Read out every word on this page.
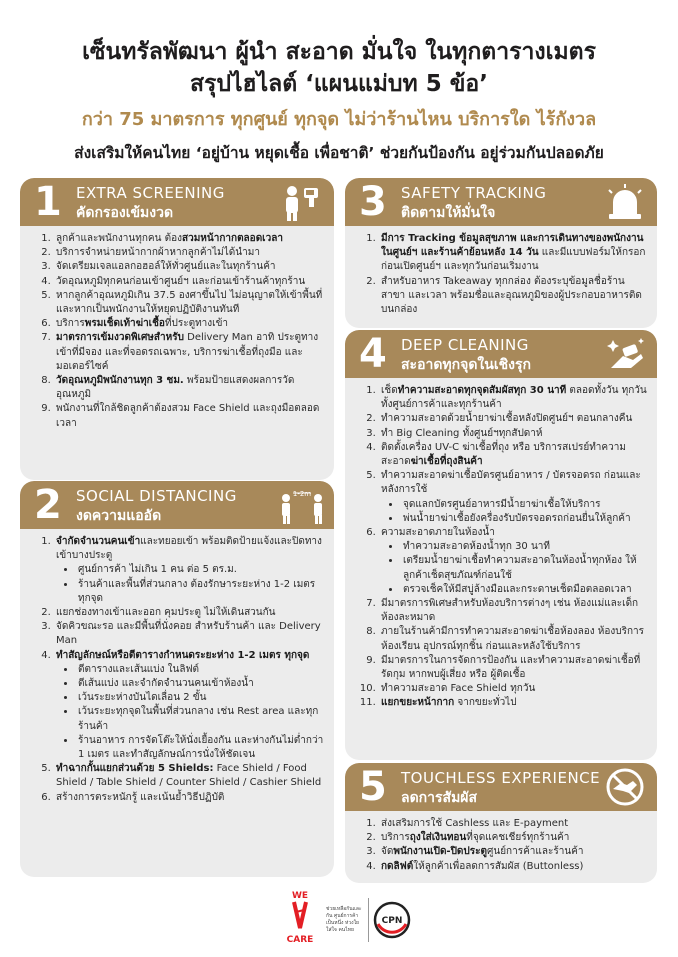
เซ็นทรัลพัฒนา ผู้นำ สะอาด มั่นใจ ในทุกตารางเมตร
สรุปไฮไลต์ ‘แผนแม่บท 5 ข้อ’
กว่า 75 มาตรการ ทุกศูนย์ ทุกจุด ไม่ว่าร้านไหน บริการใด ไร้กังวล
ส่งเสริมให้คนไทย ‘อยู่บ้าน หยุดเชื้อ เพื่อชาติ’ ช่วยกันป้องกัน อยู่ร่วมกันปลอดภัย
1 EXTRA SCREENING
คัดกรองเข้มงวด
1. ลูกค้าและพนักงานทุกคน ต้องสวมหน้ากากตลอดเวลา
2. บริการจำหน่ายหน้ากากผ้าหากลูกค้าไม่ได้นำมา
3. จัดเตรียมเจลแอลกอฮอล์ให้ทั่วศูนย์และในทุกร้านค้า
4. วัดอุณหภูมิทุกคนก่อนเข้าศูนย์ฯ และก่อนเข้าร้านค้าทุกร้าน
5. หากลูกค้าอุณหภูมิเกิน 37.5 องศาขึ้นไป ไม่อนุญาตให้เข้าพื้นที่ และหากเป็นพนักงานให้หยุดปฏิบัติงานทันที
6. บริการพรมเช็ดเท้าฆ่าเชื้อที่ประตูทางเข้า
7. มาตรการเข้มงวดพิเศษสำหรับ Delivery Man อาทิ ประตูทางเข้าที่มีจอง และที่จอดรถเฉพาะ, บริการฆ่าเชื้อที่ถุงมือ และมอเตอร์ไซค์
8. วัดอุณหภูมิพนักงานทุก 3 ชม. พร้อมป้ายแสดงผลการวัดอุณหภูมิ
9. พนักงานที่ใกล้ชิดลูกค้าต้องสวม Face Shield และถุงมือตลอดเวลา
2 SOCIAL DISTANCING
งดความแออัด
1-2m
1. จำกัดจำนวนคนเข้าและทยอยเข้า พร้อมติดป้ายแจ้งและปิดทางเข้าบางประตู
• ศูนย์การค้า ไม่เกิน 1 คน ต่อ 5 ตร.ม.
• ร้านค้าและพื้นที่ส่วนกลาง ต้องรักษาระยะห่าง 1-2 เมตร ทุกจุด
2. แยกช่องทางเข้าและออก คุมประตู ไม่ให้เดินสวนกัน
3. จัดคิวขณะรอ และมีพื้นที่นั่งคอย สำหรับร้านค้า และ Delivery Man
4. ทำสัญลักษณ์หรือตีตารางกำหนดระยะห่าง 1-2 เมตร ทุกจุด
• ตีตารางและเส้นแบ่ง ในลิฟต์
• ตีเส้นแบ่ง และจำกัดจำนวนคนเข้าห้องน้ำ
• เว้นระยะห่างบันไดเลื่อน 2 ขั้น
• เว้นระยะทุกจุดในพื้นที่ส่วนกลาง เช่น Rest area และทุกร้านค้า
• ร้านอาหาร การจัดโต๊ะให้นั่งเยื้องกัน และห่างกันไม่ต่ำกว่า 1 เมตร และทำสัญลักษณ์การนั่งให้ชัดเจน
5. ทำฉากกั้นแยกส่วนด้วย 5 Shields: Face Shield / Food Shield / Table Shield / Counter Shield / Cashier Shield
6. สร้างการตระหนักรู้ และเน้นย้ำวิธีปฏิบัติ
3 SAFETY TRACKING
ติดตามให้มั่นใจ
1. มีการ Tracking ข้อมูลสุขภาพ และการเดินทางของพนักงานในศูนย์ฯ และร้านค้าย้อนหลัง 14 วัน และมีแบบฟอร์มให้กรอกก่อนเปิดศูนย์ฯ และทุกวันก่อนเริ่มงาน
2. สำหรับอาหาร Takeaway ทุกกล่อง ต้องระบุข้อมูลชื่อร้าน สาขา และเวลา พร้อมชื่อและอุณหภูมิของผู้ประกอบอาหารติดบนกล่อง
4 DEEP CLEANING
สะอาดทุกจุดในเชิงรุก
1. เช็ดทำความสะอาดทุกจุดสัมผัสทุก 30 นาที ตลอดทั้งวัน ทุกวัน ทั้งศูนย์การค้าและทุกร้านค้า
2. ทำความสะอาดด้วยน้ำยาฆ่าเชื้อหลังปิดศูนย์ฯ ตอนกลางคืน
3. ทำ Big Cleaning ทั้งศูนย์ฯทุกสัปดาห์
4. ติดตั้งเครื่อง UV-C ฆ่าเชื้อที่ถุง หรือ บริการสเปรย์ทำความสะอาดฆ่าเชื้อที่ถุงสินค้า
5. ทำความสะอาดฆ่าเชื้อบัตรศูนย์อาหาร / บัตรจอดรถ ก่อนและหลังการใช้
• จุดแลกบัตรศูนย์อาหารมีน้ำยาฆ่าเชื้อให้บริการ
• พ่นน้ำยาฆ่าเชื้อยังครื่องรับบัตรจอดรถก่อนยื่นให้ลูกค้า
6. ความสะอาดภายในห้องน้ำ
• ทำความสะอาดห้องน้ำทุก 30 นาที
• เตรียมน้ำยาฆ่าเชื้อทำความสะอาดในห้องน้ำทุกห้อง ให้ลูกค้าเช็ดสุขภัณฑ์ก่อนใช้
• ตรวจเช็คให้มีสบู่ล้างมือและกระดาษเช็ดมือตลอดเวลา
7. มีมาตรการพิเศษสำหรับห้องบริการต่างๆ เช่น ห้องแม่และเด็ก ห้องละหมาด
8. ภายในร้านค้ามีการทำความสะอาดฆ่าเชื้อห้องลอง ห้องบริการ ห้องเรียน อุปกรณ์ทุกชิ้น ก่อนและหลังใช้บริการ
9. มีมาตรการในการจัดการป้องกัน และทำความสะอาดฆ่าเชื้อที่รัดกุม หากพบผู้เสี่ยง หรือ ผู้ติดเชื้อ
10. ทำความสะอาด Face Shield ทุกวัน
11. แยกขยะหน้ากาก จากขยะทั่วไป
5 TOUCHLESS EXPERIENCE
ลดการสัมผัส
1. ส่งเสริมการใช้ Cashless และ E-payment
2. บริการถุงใส่เงินทอนที่จุดแคชเชียร์ทุกร้านค้า
3. จัดพนักงานเปิด-ปิดประตูศูนย์การค้าและร้านค้า
4. กดลิฟต์ให้ลูกค้าเพื่อลดการสัมผัส (Buttonless)
WE
CARE
ช่วยเหลือกันและกัน ศูนย์การค้าเป็นหนึ่ง ห่วงใย ใส่ใจ คนไทย
CPN
